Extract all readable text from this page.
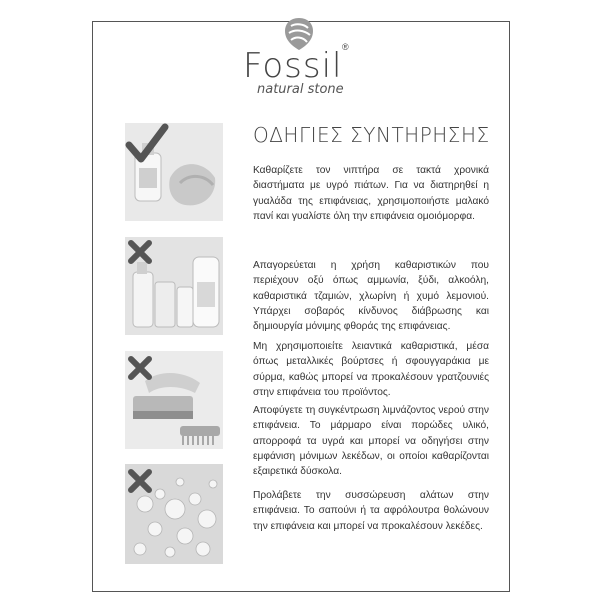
Fossil ®
natural stone
ΟΔΗΓΙΕΣ ΣΥΝΤΗΡΗΣΗΣ
Καθαρίζετε τον νιπτήρα σε τακτά χρονικά διαστήματα με υγρό πιάτων. Για να διατηρηθεί η γυαλάδα της επιφάνειας, χρησιμοποιήστε μαλακό πανί και γυαλίστε όλη την επιφάνεια ομοιόμορφα.
Απαγορεύεται η χρήση καθαριστικών που περιέχουν οξύ όπως αμμωνία, ξύδι, αλκοόλη, καθαριστικά τζαμιών, χλωρίνη ή χυμό λεμονιού. Υπάρχει σοβαρός κίνδυνος διάβρωσης και δημιουργία μόνιμης φθοράς της επιφάνειας.
Μη χρησιμοποιείτε λειαντικά καθαριστικά, μέσα όπως μεταλλικές βούρτσες ή σφουγγαράκια με σύρμα, καθώς μπορεί να προκαλέσουν γρατζουνιές στην επιφάνεια του προϊόντος.
Αποφύγετε τη συγκέντρωση λιμνάζοντος νερού στην επιφάνεια. Το μάρμαρο είναι πορώδες υλικό, απορροφά τα υγρά και μπορεί να οδηγήσει στην εμφάνιση μόνιμων λεκέδων, οι οποίοι καθαρίζονται εξαιρετικά δύσκολα.
Προλάβετε την συσσώρευση αλάτων στην επιφάνεια. Το σαπούνι ή τα αφρόλουτρα θολώνουν την επιφάνεια και μπορεί να προκαλέσουν λεκέδες.
